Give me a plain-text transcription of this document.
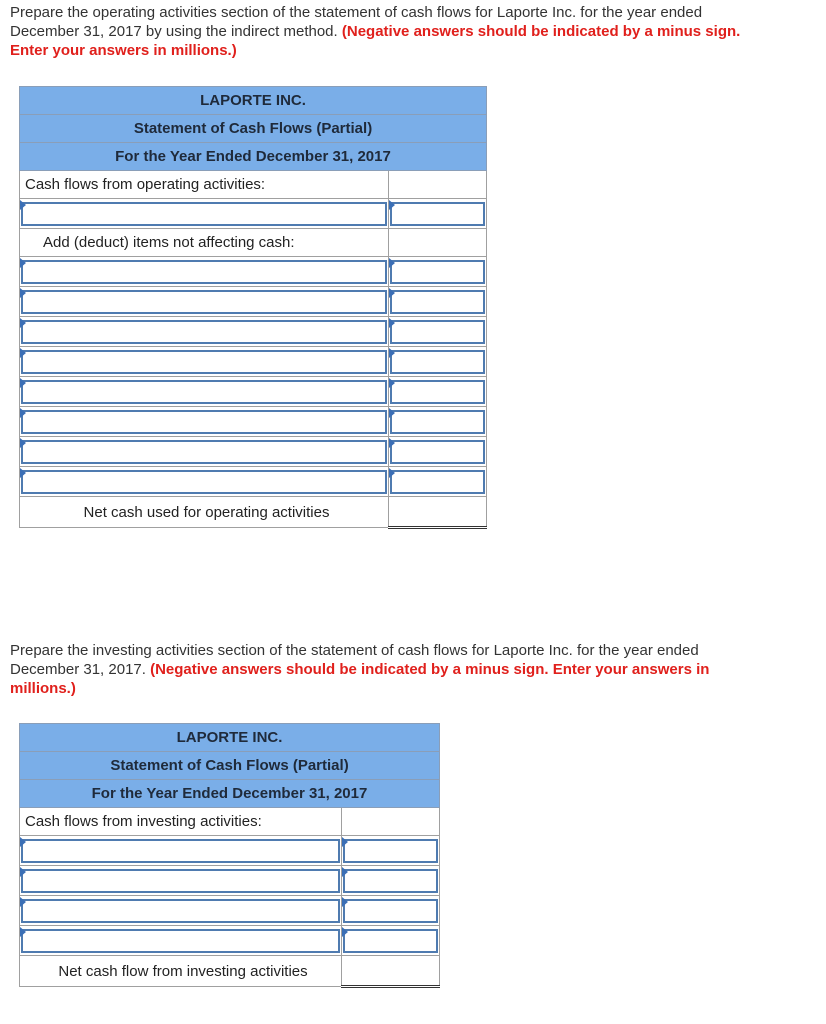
Prepare the operating activities section of the statement of cash flows for Laporte Inc. for the year ended December 31, 2017 by using the indirect method. (Negative answers should be indicated by a minus sign. Enter your answers in millions.)
LAPORTE INC.	
Statement of Cash Flows (Partial)	
For the Year Ended December 31, 2017	
Cash flows from operating activities:	

Add (deduct) items not affecting cash:	

Net cash used for operating activities	
Prepare the investing activities section of the statement of cash flows for Laporte Inc. for the year ended December 31, 2017. (Negative answers should be indicated by a minus sign. Enter your answers in millions.)
LAPORTE INC.	
Statement of Cash Flows (Partial)	
For the Year Ended December 31, 2017	
Cash flows from investing activities:	

Net cash flow from investing activities	
